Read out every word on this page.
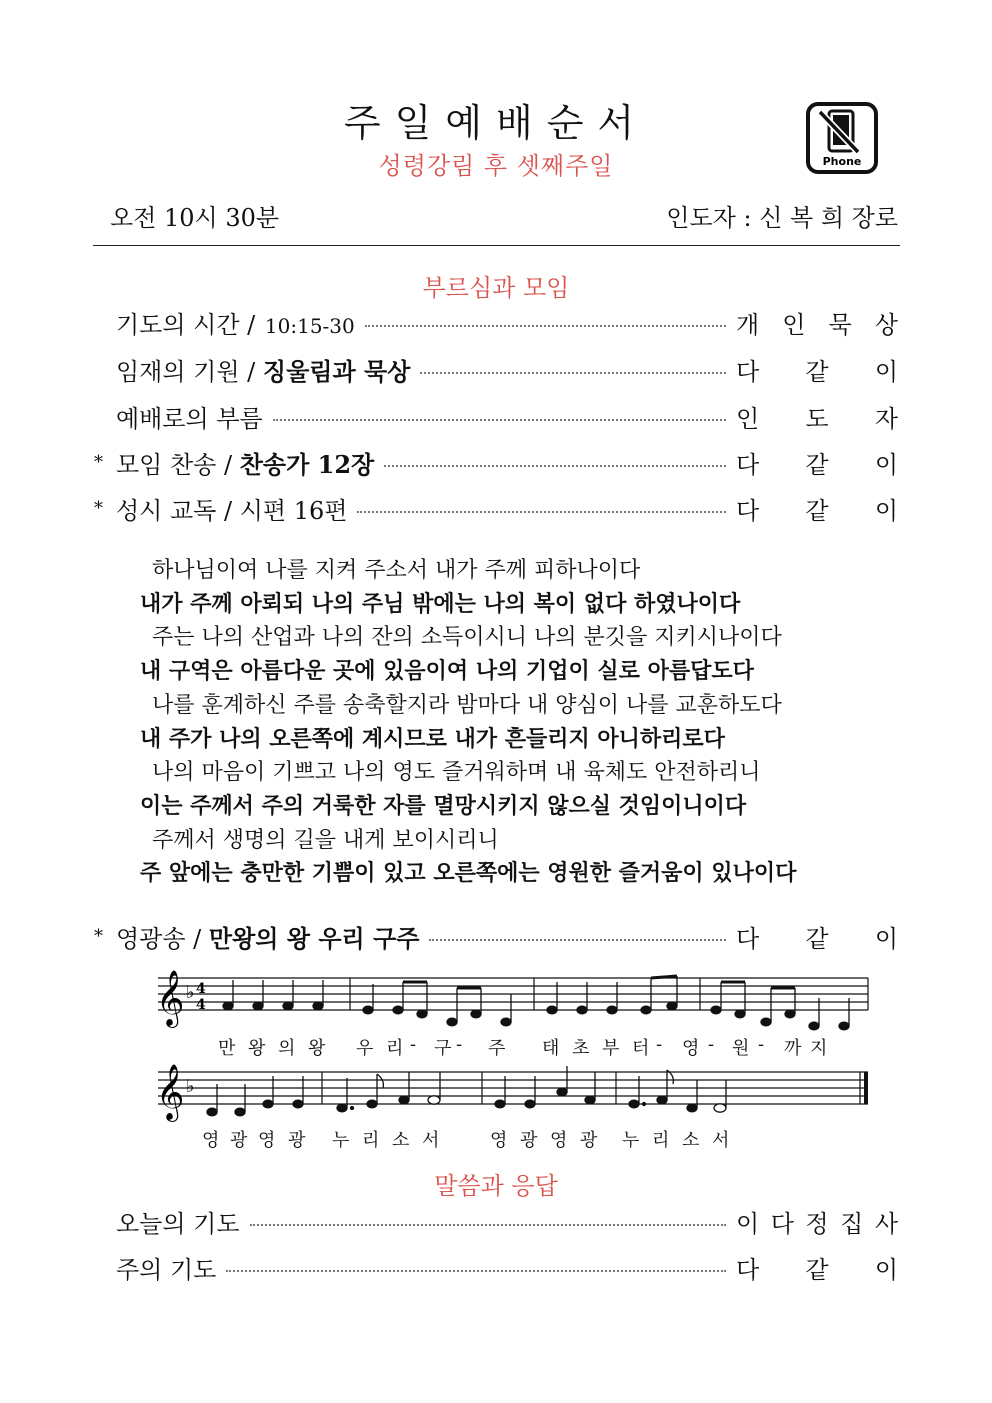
주일예배순서
성령강림 후 셋째주일	Phone
오전 10시 30분	인도자 : 신 복 희 장로
부르심과 모임
기도의 시간 / 10:15-30	개 인 묵 상
임재의 기원 / 징울림과 묵상	다 같 이
예배로의 부름	인 도 자
* 모임 찬송 / 찬송가 12장	다 같 이
* 성시 교독 / 시편 16편	다 같 이
하나님이여 나를 지켜 주소서 내가 주께 피하나이다
내가 주께 아뢰되 나의 주님 밖에는 나의 복이 없다 하였나이다
주는 나의 산업과 나의 잔의 소득이시니 나의 분깃을 지키시나이다
내 구역은 아름다운 곳에 있음이여 나의 기업이 실로 아름답도다
나를 훈계하신 주를 송축할지라 밤마다 내 양심이 나를 교훈하도다
내 주가 나의 오른쪽에 계시므로 내가 흔들리지 아니하리로다
나의 마음이 기쁘고 나의 영도 즐거워하며 내 육체도 안전하리니
이는 주께서 주의 거룩한 자를 멸망시키지 않으실 것임이니이다
주께서 생명의 길을 내게 보이시리니
주 앞에는 충만한 기쁨이 있고 오른쪽에는 영원한 즐거움이 있나이다
* 영광송 / 만왕의 왕 우리 구주	다 같 이
𝄞 ♭ 4
4
𝄞 ♭
만 왕 의 왕 우 리 - 구 - 주 태 초 부 터 - 영 - 원 - 까 지
영 광 영 광 누 리 소 서	영 광 영 광 누 리 소 서
말씀과 응답
오늘의 기도	이 다 정 집 사
주의 기도	다 같 이
